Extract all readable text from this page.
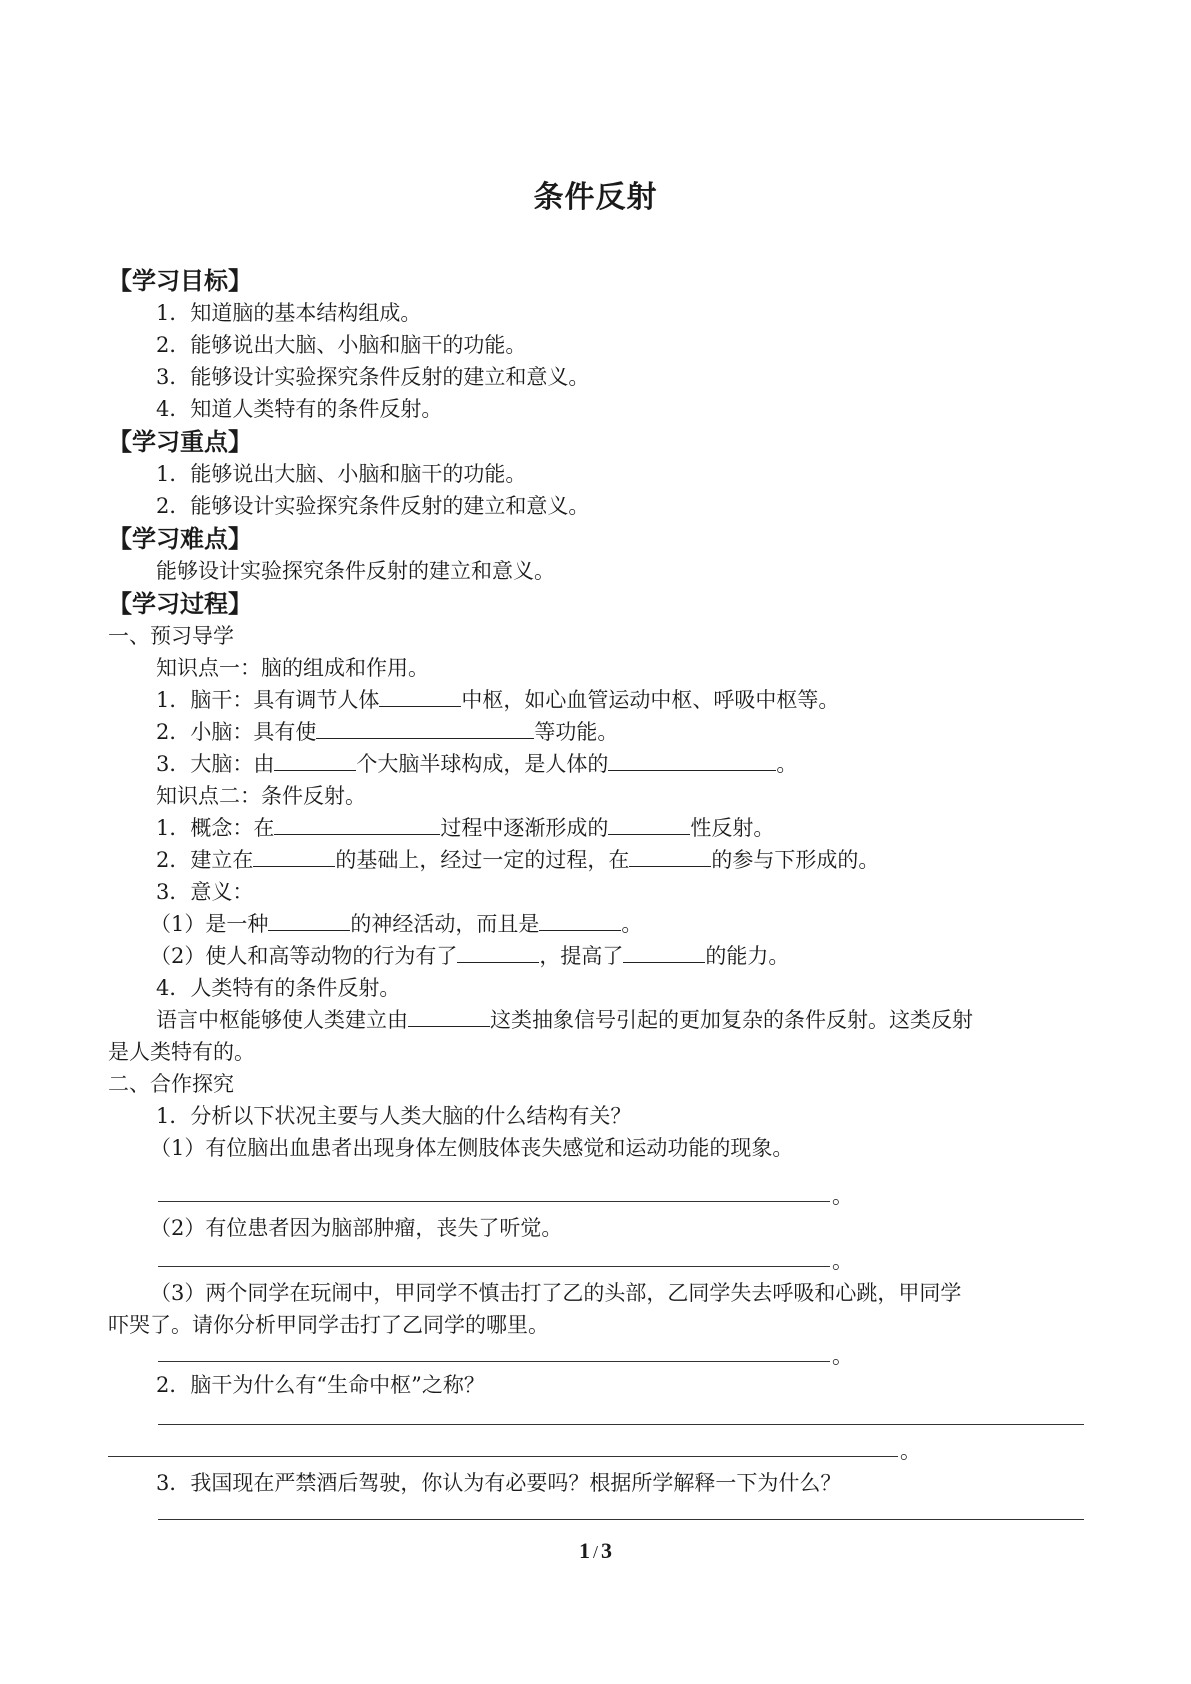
条件反射
【学习目标】
1．知道脑的基本结构组成。
2．能够说出大脑、小脑和脑干的功能。
3．能够设计实验探究条件反射的建立和意义。
4．知道人类特有的条件反射。
【学习重点】
1．能够说出大脑、小脑和脑干的功能。
2．能够设计实验探究条件反射的建立和意义。
【学习难点】
能够设计实验探究条件反射的建立和意义。
【学习过程】
一、预习导学
知识点一：脑的组成和作用。
1．脑干：具有调节人体	中枢，如心血管运动中枢、呼吸中枢等。
2．小脑：具有使	等功能。
3．大脑：由	个大脑半球构成，是人体的	。
知识点二：条件反射。
1．概念：在	过程中逐渐形成的	性反射。
2．建立在	的基础上，经过一定的过程，在	的参与下形成的。
3．意义：
（1）是一种	的神经活动，而且是	。
（2）使人和高等动物的行为有了	，提高了	的能力。
4．人类特有的条件反射。
语言中枢能够使人类建立由	这类抽象信号引起的更加复杂的条件反射。这类反射
是人类特有的。
二、合作探究
1．分析以下状况主要与人类大脑的什么结构有关？
（1）有位脑出血患者出现身体左侧肢体丧失感觉和运动功能的现象。
。
（2）有位患者因为脑部肿瘤，丧失了听觉。
。
（3）两个同学在玩闹中，甲同学不慎击打了乙的头部，乙同学失去呼吸和心跳，甲同学
吓哭了。请你分析甲同学击打了乙同学的哪里。
。
2．脑干为什么有“生命中枢”之称？
。
3．我国现在严禁酒后驾驶，你认为有必要吗？根据所学解释一下为什么？
1 / 3
